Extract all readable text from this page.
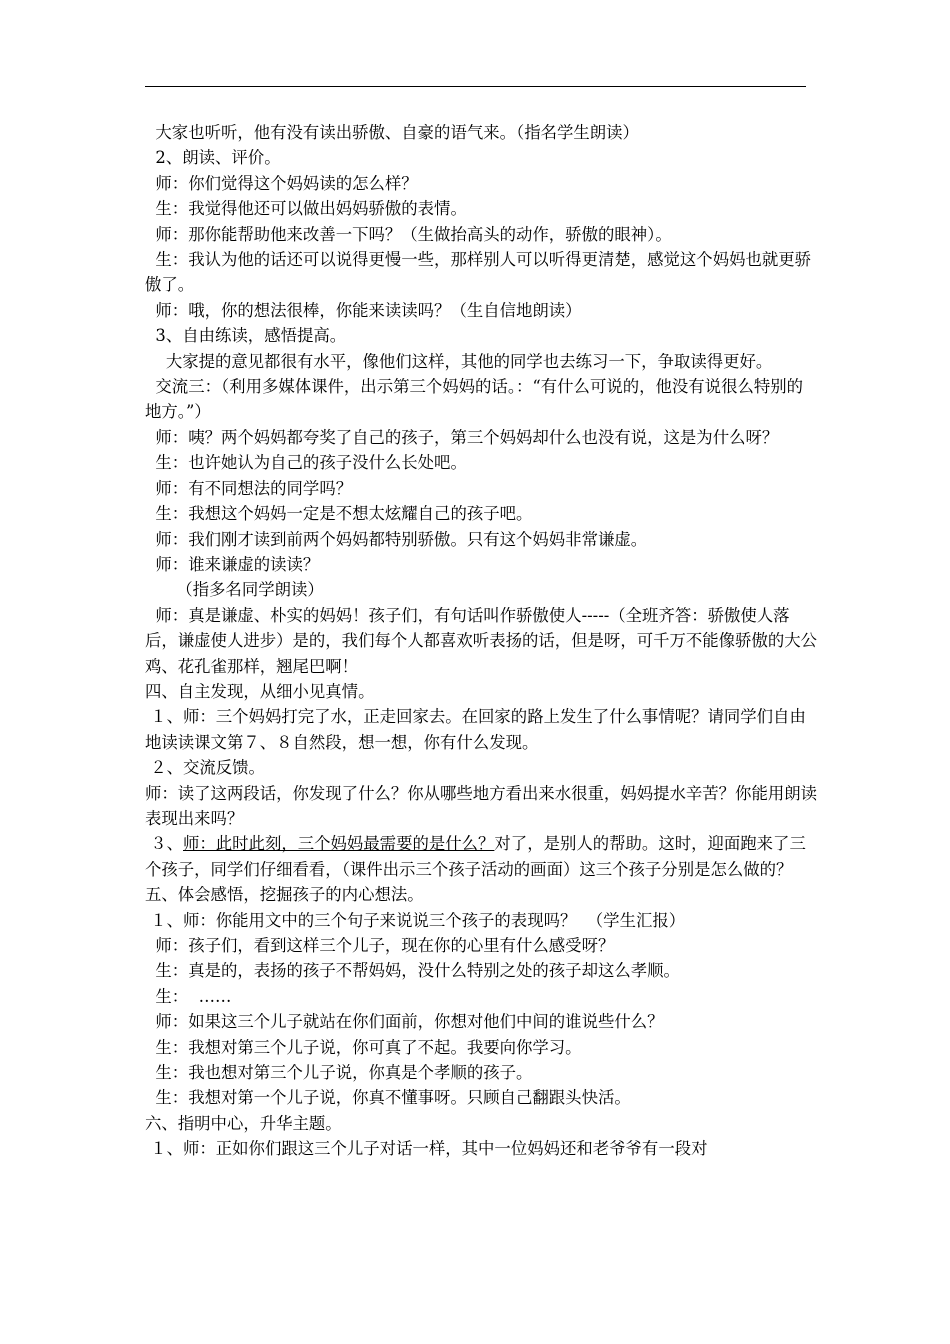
大家也听听，他有没有读出骄傲、自豪的语气来。（指名学生朗读）

2、朗读、评价。

师：你们觉得这个妈妈读的怎么样？

生：我觉得他还可以做出妈妈骄傲的表情。

师：那你能帮助他来改善一下吗？（生做抬高头的动作，骄傲的眼神）。

生：我认为他的话还可以说得更慢一些，那样别人可以听得更清楚，感觉这个妈妈也就更骄傲了。

师：哦，你的想法很棒，你能来读读吗？（生自信地朗读）

3、自由练读，感悟提高。

大家提的意见都很有水平，像他们这样，其他的同学也去练习一下，争取读得更好。

交流三：（利用多媒体课件，出示第三个妈妈的话。：“有什么可说的，他没有说很么特别的地方。”）

师：咦？两个妈妈都夸奖了自己的孩子，第三个妈妈却什么也没有说，这是为什么呀？

生：也许她认为自己的孩子没什么长处吧。

师：有不同想法的同学吗？

生：我想这个妈妈一定是不想太炫耀自己的孩子吧。

师：我们刚才读到前两个妈妈都特别骄傲。只有这个妈妈非常谦虚。

师：谁来谦虚的读读？

（指多名同学朗读）

师：真是谦虚、朴实的妈妈！孩子们，有句话叫作骄傲使人-----（全班齐答：骄傲使人落后，谦虚使人进步）是的，我们每个人都喜欢听表扬的话，但是呀，可千万不能像骄傲的大公鸡、花孔雀那样，翘尾巴啊！

四、自主发现，从细小见真情。

１、师：三个妈妈打完了水，正走回家去。在回家的路上发生了什么事情呢？请同学们自由地读读课文第７、８自然段，想一想，你有什么发现。

２、交流反馈。

师：读了这两段话，你发现了什么？你从哪些地方看出来水很重，妈妈提水辛苦？你能用朗读表现出来吗？

３、师：此时此刻，三个妈妈最需要的是什么？对了，是别人的帮助。这时，迎面跑来了三个孩子，同学们仔细看看，（课件出示三个孩子活动的画面）这三个孩子分别是怎么做的？

五、体会感悟，挖掘孩子的内心想法。

１、师：你能用文中的三个句子来说说三个孩子的表现吗？  （学生汇报）

师：孩子们，看到这样三个儿子，现在你的心里有什么感受呀？

生：真是的，表扬的孩子不帮妈妈，没什么特别之处的孩子却这么孝顺。

生：  ……

师：如果这三个儿子就站在你们面前，你想对他们中间的谁说些什么？

生：我想对第三个儿子说，你可真了不起。我要向你学习。

生：我也想对第三个儿子说，你真是个孝顺的孩子。

生：我想对第一个儿子说，你真不懂事呀。只顾自己翻跟头快活。

六、指明中心，升华主题。

１、师：正如你们跟这三个儿子对话一样，其中一位妈妈还和老爷爷有一段对
